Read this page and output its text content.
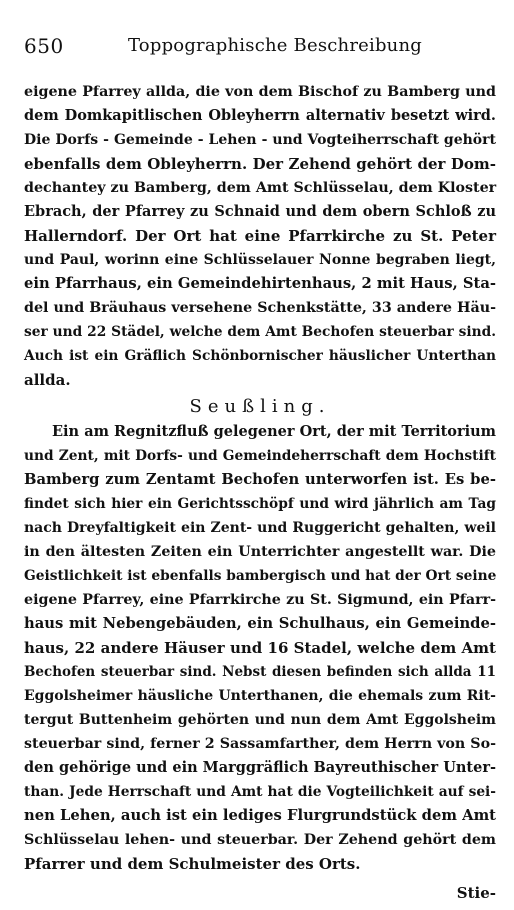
650	Toppographische Beschreibung
eigene Pfarrey allda, die von dem Bischof zu Bamberg und
dem Domkapitlischen Obleyherrn alternativ besetzt wird.
Die Dorfs - Gemeinde - Lehen - und Vogteiherrschaft gehört
ebenfalls dem Obleyherrn. Der Zehend gehört der Dom-
dechantey zu Bamberg, dem Amt Schlüsselau, dem Kloster
Ebrach, der Pfarrey zu Schnaid und dem obern Schloß zu
Hallerndorf. Der Ort hat eine Pfarrkirche zu St. Peter
und Paul, worinn eine Schlüsselauer Nonne begraben liegt,
ein Pfarrhaus, ein Gemeindehirtenhaus, 2 mit Haus, Sta-
del und Bräuhaus versehene Schenkstätte, 33 andere Häu-
ser und 22 Städel, welche dem Amt Bechofen steuerbar sind.
Auch ist ein Gräflich Schönbornischer häuslicher Unterthan
allda.
Seußling.
Ein am Regnitzfluß gelegener Ort, der mit Territorium
und Zent, mit Dorfs- und Gemeindeherrschaft dem Hochstift
Bamberg zum Zentamt Bechofen unterworfen ist. Es be-
findet sich hier ein Gerichtsschöpf und wird jährlich am Tag
nach Dreyfaltigkeit ein Zent- und Ruggericht gehalten, weil
in den ältesten Zeiten ein Unterrichter angestellt war. Die
Geistlichkeit ist ebenfalls bambergisch und hat der Ort seine
eigene Pfarrey, eine Pfarrkirche zu St. Sigmund, ein Pfarr-
haus mit Nebengebäuden, ein Schulhaus, ein Gemeinde-
haus, 22 andere Häuser und 16 Stadel, welche dem Amt
Bechofen steuerbar sind. Nebst diesen befinden sich allda 11
Eggolsheimer häusliche Unterthanen, die ehemals zum Rit-
tergut Buttenheim gehörten und nun dem Amt Eggolsheim
steuerbar sind, ferner 2 Sassamfarther, dem Herrn von So-
den gehörige und ein Marggräflich Bayreuthischer Unter-
than. Jede Herrschaft und Amt hat die Vogteilichkeit auf sei-
nen Lehen, auch ist ein lediges Flurgrundstück dem Amt
Schlüsselau lehen- und steuerbar. Der Zehend gehört dem
Pfarrer und dem Schulmeister des Orts.
Stie-
